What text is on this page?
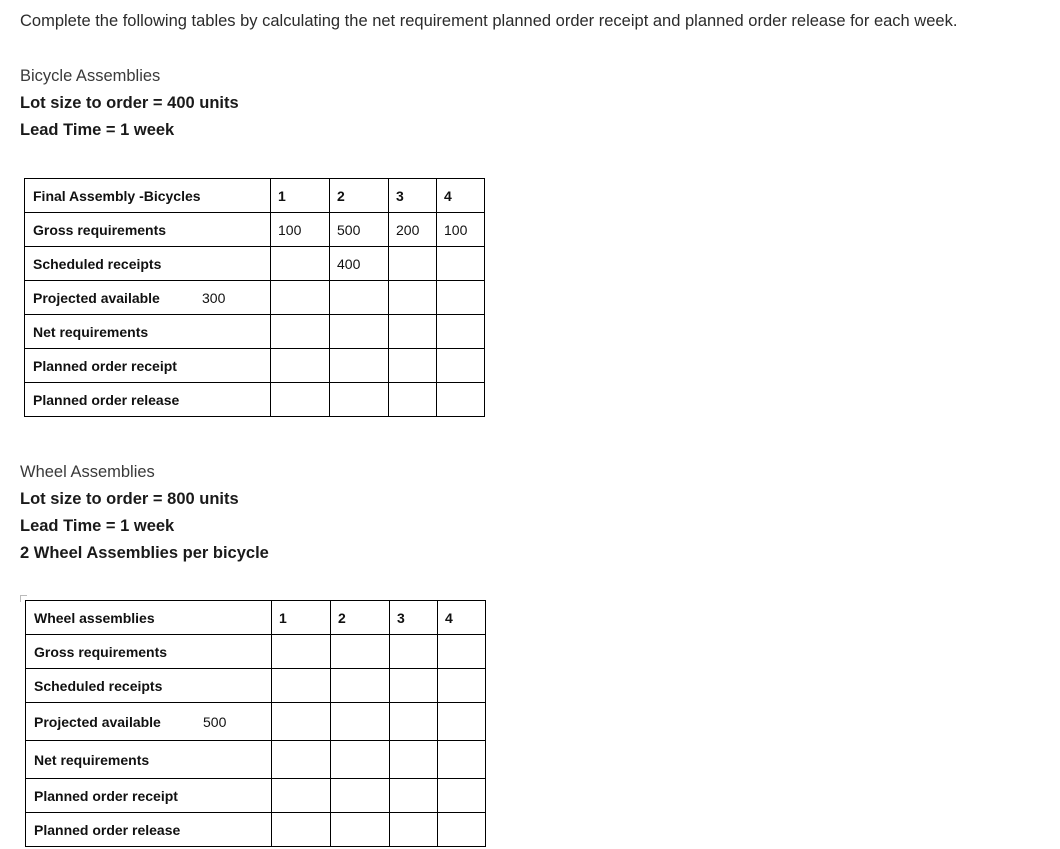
Complete the following tables by calculating the net requirement planned order receipt and planned order release for each week.
Bicycle Assemblies
Lot size to order = 400 units
Lead Time = 1 week
Final Assembly -Bicycles	1	2	3	4
Gross requirements	100	500	200	100
Scheduled receipts		400		
Projected available 300				

Net requirements

Planned order receipt

Planned order release

Wheel Assemblies
Lot size to order = 800 units
Lead Time = 1 week
2 Wheel Assemblies per bicycle
Wheel assemblies	1	2	3	4
Gross requirements

Scheduled receipts

Projected available 500				

Net requirements

Planned order receipt

Planned order release
